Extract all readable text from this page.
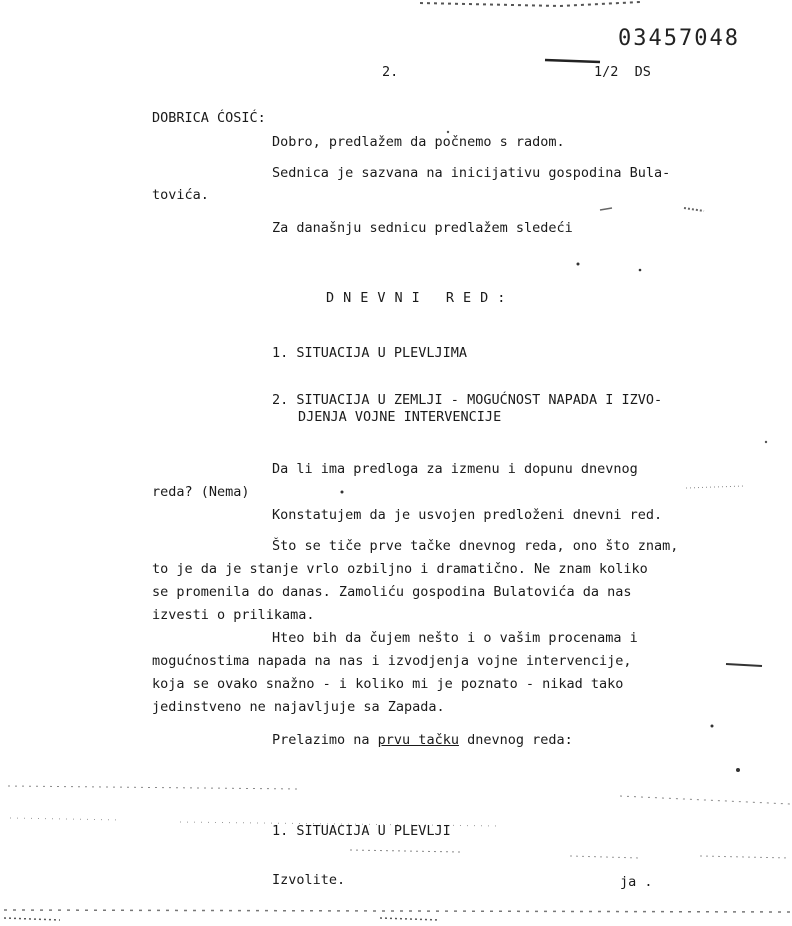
03457048
2.	1/2  DS
DOBRICA ĆOSIĆ:
Dobro, predlažem da počnemo s radom.
Sednica je sazvana na inicijativu gospodina Bula-
tovića.
Za današnju sednicu predlažem sledeći
DNEVNI RED:
1. SITUACIJA U PLEVLJIMA
2. SITUACIJA U ZEMLJI - MOGUĆNOST NAPADA I IZVO-
DJENJA VOJNE INTERVENCIJE
Da li ima predloga za izmenu i dopunu dnevnog
reda? (Nema)
Konstatujem da je usvojen predloženi dnevni red.
Što se tiče prve tačke dnevnog reda, ono što znam,
to je da je stanje vrlo ozbiljno i dramatično. Ne znam koliko
se promenila do danas. Zamoliću gospodina Bulatovića da nas
izvesti o prilikama.
Hteo bih da čujem nešto i o vašim procenama i
mogućnostima napada na nas i izvodjenja vojne intervencije,
koja se ovako snažno - i koliko mi je poznato - nikad tako
jedinstveno ne najavljuje sa Zapada.
Prelazimo na prvu tačku dnevnog reda:
1. SITUACIJA U PLEVLJI
Izvolite.	ja .
